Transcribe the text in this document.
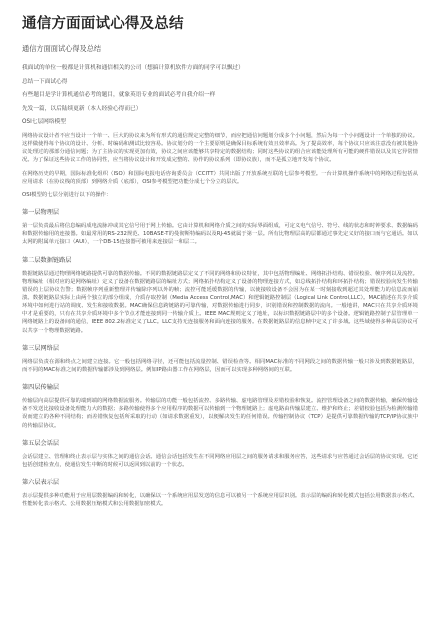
通信方面面试心得及总结
通信方面面试心得及总结
我面试的单位一般都是计算机和通信相关的公司（想搞计算机软件方面的同学可以飘过）
总结一下面试心得
有些题目是学计算机通信必考的题目，就象英语专业的面试必考自我介绍一样
先发一篇，以后陆续更新（本人经验心得而已）
OSI七层网络模型

网络协议设计者不应当设计一个单一、巨大的协议来为所有形式的通信规定完整的细节，而应把通信问题划分成多个小问题，然后为每一个小问题设计一个单独的协议。这样做使得每个协议的设计、分析、时编码和测试比较容易。协议划分的一个主要原则是确保目标系统有效且效率高。为了提高效率，每个协议只应该注意没有被其他协议处理过的那部分通信问题；为了主协议的实现更加有效，协议之间应该能够共享特定的数据结构；同时这些协议的组合应该能处理所有可能的硬件错误以及其它异常情况。为了保证这些协议工作的协同性，应当将协议设计和开发成完整的、协作的协议系列（即协议族），而不是孤立地开发每个协议。

在网络历史的早期，国际标准化组织（ISO）和国际电报电话咨询委员会（CCITT）共同出版了开放系统互联的七层参考模型。一台计算机操作系统中的网络过程包括从应用请求（在协议栈的顶部）到网络介质（底部），OSI参考模型把功能分成七个分立的层次。

OSI模型的七层分别进行以下的操作：

第一层物理层

第一层负责最后将信息编码成电流脉冲或其它信号用于网上传输。它由计算机和网络介质之间的实际界面组成，可定义电气信号、符号、线的状态和时钟要求、数据编码和数据传输用的连接器。如最常用的RS-232规范、10BASE-T的曼彻斯特编码以及RJ-45就属于第一层。所有比物理层高的层都通过事先定义好的接口而与它通话。如以太网的附属单元接口（AUI），一个DB-15连接器可被用来连接层一和层二。

第二层数据链路层

数据链路层通过物理网络链路提供可靠的数据传输。不同的数据链路层定义了不同的网络和协议特征，其中包括物理编址、网络拓扑结构、错误校验、帧序列以及流控。物理编址（相对应的是网络编址）定义了设备在数据链路层的编址方式；网络拓扑结构定义了设备的物理连接方式，如总线拓扑结构和环拓扑结构；错误校验向发生传输错误的上层协议告警；数据帧序列重新整理并传输除序列以外的帧；流控可能延缓数据的传输，以使接收设备不会因为在某一时刻接收到超过其处理能力的信息流而崩溃。数据链路层实际上由两个独立的部分组成，介质存取控制（Media Access Control,MAC）和逻辑链路控制层（Logical Link Control,LLC）。MAC描述在共享介质环境中如何进行站的调度、发生和接收数据。MAC确保信息跨链路的可靠传输，对数据传输进行同步，识别错误和控制数据的流向。一般地讲，MAC只在共享介质环境中才是重要的，只有在共享介质环境中多个节点才能连接到同一传输介质上。IEEE MAC规则定义了地址，以标识数据链路层中的多个设备。逻辑链路控制子层管理单一网络链路上的设备间的通信，IEEE 802.2标准定义了LLC。LLC支持无连接服务和面向连接的服务。在数据链路层的信息帧中定义了许多域。这些域使得多种高层协议可以共享一个物理数据链路。

第三层网络层

网络层负责在源和终点之间建立连接。它一般包括网络寻径，还可能包括流量控制、错误检查等。相同MAC标准的不同网段之间的数据传输一般只涉及到数据链路层，而不同的MAC标准之间的数据传输都涉及到网络层。例如IP路由器工作在网络层，因而可以实现多种网络间的互联。

第四层传输层

传输层向高层提供可靠的端到端的网络数据流服务。传输层的功能一般包括流控、多路传输、虚电路管理及差错校验和恢复。流控管理设备之间的数据传输，确保传输设备不发送比接收设备处理能力大的数据；多路传输使得多个应用程序的数据可以传输到一个物理链路上；虚电路由传输层建立、维护和终止；差错校验包括为检测传输错误而建立的各种不同结构；而差错恢复包括所采取的行动（如请求数据重发），以便解决发生的任何错误。传输控制协议（TCP）是提供可靠数据传输的TCP/IP协议族中的传输层协议。

第五层会话层

会话层建立、管理和终止表示层与实体之间的通信会话。通信会话包括发生在不同网络应用层之间的服务请求和服务应答，这些请求与应答通过会话层的协议实现。它还包括创建检查点，使通信发生中断的时候可以返回到以前的一个状态。

第六层表示层

表示层提供多种功能用于应用层数据编码和转化，以确保以一个系统应用层发送的信息可以被另一个系统应用层识别。表示层的编码和转化模式包括公用数据表示格式、性能转化表示格式、公用数据压缩模式和公用数据加密模式。
